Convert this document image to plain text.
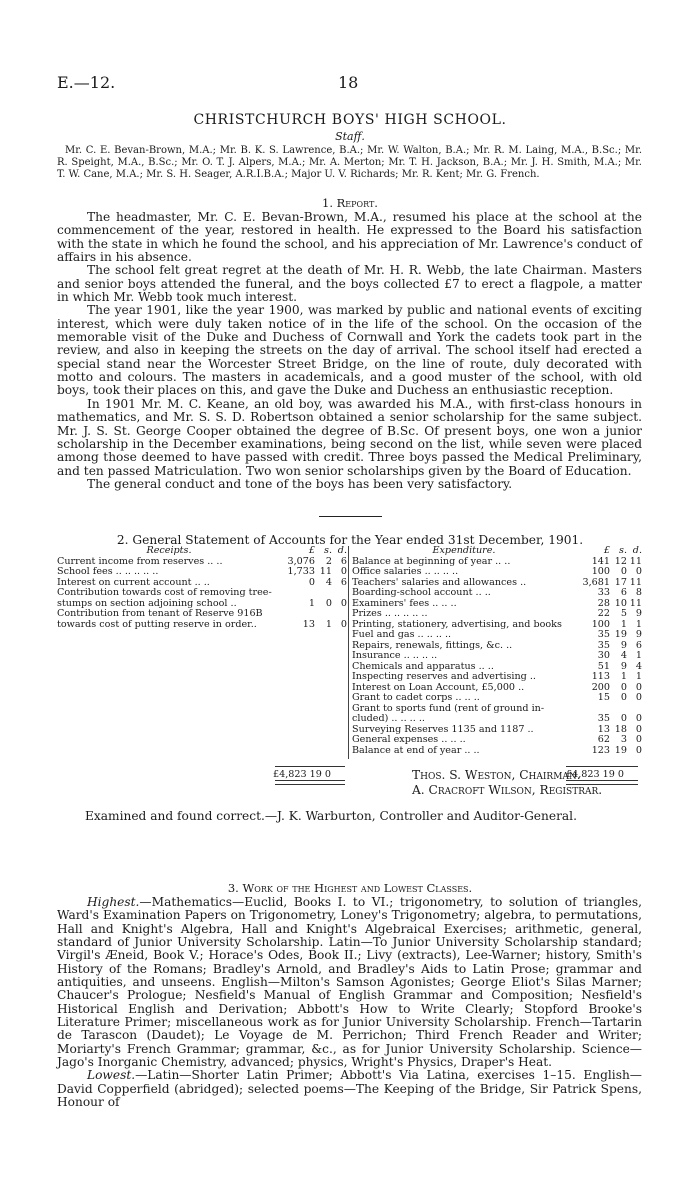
E.—12.	18
CHRISTCHURCH BOYS' HIGH SCHOOL.
Staff.
Mr. C. E. Bevan-Brown, M.A.; Mr. B. K. S. Lawrence, B.A.; Mr. W. Walton, B.A.; Mr. R. M. Laing, M.A., B.Sc.; Mr. R. Speight, M.A., B.Sc.; Mr. O. T. J. Alpers, M.A.; Mr. A. Merton; Mr. T. H. Jackson, B.A.; Mr. J. H. Smith, M.A.; Mr. T. W. Cane, M.A.; Mr. S. H. Seager, A.R.I.B.A.; Major U. V. Richards; Mr. R. Kent; Mr. G. French.
1. Report.

The headmaster, Mr. C. E. Bevan-Brown, M.A., resumed his place at the school at the commencement of the year, restored in health. He expressed to the Board his satisfaction with the state in which he found the school, and his appreciation of Mr. Lawrence's conduct of affairs in his absence.

The school felt great regret at the death of Mr. H. R. Webb, the late Chairman. Masters and senior boys attended the funeral, and the boys collected £7 to erect a flagpole, a matter in which Mr. Webb took much interest.

The year 1901, like the year 1900, was marked by public and national events of exciting interest, which were duly taken notice of in the life of the school. On the occasion of the memorable visit of the Duke and Duchess of Cornwall and York the cadets took part in the review, and also in keeping the streets on the day of arrival. The school itself had erected a special stand near the Worcester Street Bridge, on the line of route, duly decorated with motto and colours. The masters in academicals, and a good muster of the school, with old boys, took their places on this, and gave the Duke and Duchess an enthusiastic reception.

In 1901 Mr. M. C. Keane, an old boy, was awarded his M.A., with first-class honours in mathematics, and Mr. S. S. D. Robertson obtained a senior scholarship for the same subject. Mr. J. S. St. George Cooper obtained the degree of B.Sc. Of present boys, one won a junior scholarship in the December examinations, being second on the list, while seven were placed among those deemed to have passed with credit. Three boys passed the Medical Preliminary, and ten passed Matriculation. Two won senior scholarships given by the Board of Education.

The general conduct and tone of the boys has been very satisfactory.

2. General Statement of Accounts for the Year ended 31st December, 1901.
Receipts.	£ s. d.
Current income from reserves .. ..	3,076	2 6
School fees .. .. .. .. ..	1,733 11 0
Interest on current account .. ..	0	4 6
Contribution towards cost of removing tree-
stumps on section adjoining school ..	1	0 0
Contribution from tenant of Reserve 916B
towards cost of putting reserve in order..	13	1 0
Expenditure.	£ s. d.
Balance at beginning of year .. ..	141 12 11
Office salaries .. .. .. ..	100	0 0
Teachers' salaries and allowances ..	3,681 17 11
Boarding-school account .. ..	33	6 8
Examiners' fees .. .. ..	28 10 11
Prizes .. .. .. .. ..	22	5 9
Printing, stationery, advertising, and books	100	1 1
Fuel and gas .. .. .. ..	35 19 9
Repairs, renewals, fittings, &c. ..	35	9 6
Insurance .. .. .. ..	30	4 1
Chemicals and apparatus .. ..	51	9 4
Inspecting reserves and advertising ..	113	1 1
Interest on Loan Account, £5,000 ..	200	0 0
Grant to cadet corps .. .. ..	15	0 0
Grant to sports fund (rent of ground in-
cluded) .. .. .. ..	35	0 0
Surveying Reserves 1135 and 1187 ..	13 18 0
General expenses .. .. ..	62	3 0
Balance at end of year .. ..	123 19 0
£4,823 19 0	£4,823 19 0
Thos. S. Weston, Chairman.
A. Cracroft Wilson, Registrar.
Examined and found correct.—J. K. Warburton, Controller and Auditor-General.
3. Work of the Highest and Lowest Classes.

Highest.—Mathematics—Euclid, Books I. to VI.; trigonometry, to solution of triangles, Ward's Examination Papers on Trigonometry, Loney's Trigonometry; algebra, to permutations, Hall and Knight's Algebra, Hall and Knight's Algebraical Exercises; arithmetic, general, standard of Junior University Scholarship. Latin—To Junior University Scholarship standard; Virgil's Æneid, Book V.; Horace's Odes, Book II.; Livy (extracts), Lee-Warner; history, Smith's History of the Romans; Bradley's Arnold, and Bradley's Aids to Latin Prose; grammar and antiquities, and unseens. English—Milton's Samson Agonistes; George Eliot's Silas Marner; Chaucer's Prologue; Nesfield's Manual of English Grammar and Composition; Nesfield's Historical English and Derivation; Abbott's How to Write Clearly; Stopford Brooke's Literature Primer; miscellaneous work as for Junior University Scholarship. French—Tartarin de Tarascon (Daudet); Le Voyage de M. Perrichon; Third French Reader and Writer; Moriarty's French Grammar; grammar, &c., as for Junior University Scholarship. Science—Jago's Inorganic Chemistry, advanced; physics, Wright's Physics, Draper's Heat.

Lowest.—Latin—Shorter Latin Primer; Abbott's Via Latina, exercises 1–15. English—David Copperfield (abridged); selected poems—The Keeping of the Bridge, Sir Patrick Spens, Honour of
